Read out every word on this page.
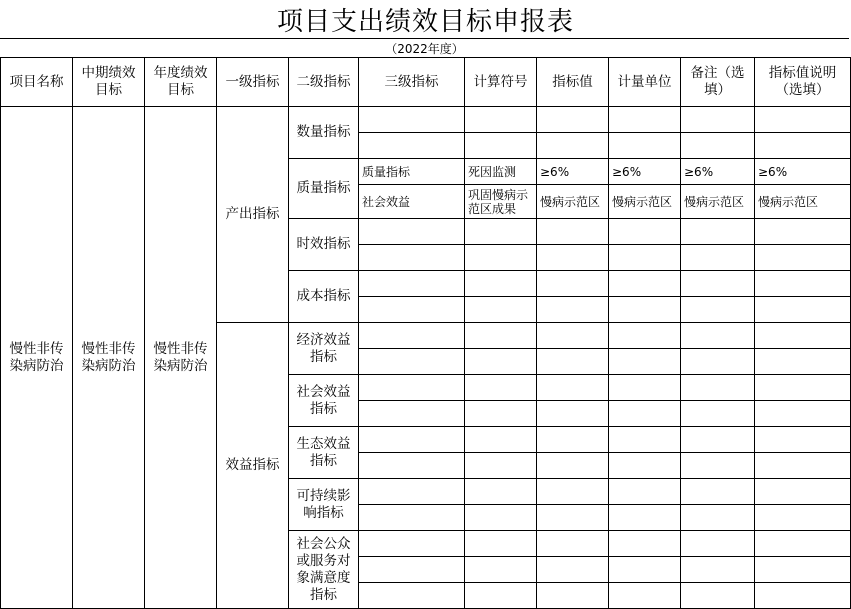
项目支出绩效目标申报表
（2022年度）
项目名称	中期绩效目标	年度绩效目标	一级指标	二级指标	三级指标	计算符号	指标值	计量单位	备注（选填）	指标值说明（选填）
慢性非传染病防治	慢性非传染病防治	慢性非传染病防治	产出指标	数量指标						

				质量指标	质量指标	死因监测	≥6%	≥6%	≥6%	≥6%
					社会效益	巩固慢病示范区成果	慢病示范区	慢病示范区	慢病示范区	慢病示范区
				时效指标						

				成本指标						

			效益指标	经济效益指标						

				社会效益指标						

				生态效益指标						

				可持续影响指标						

				社会公众或服务对象满意度指标						
